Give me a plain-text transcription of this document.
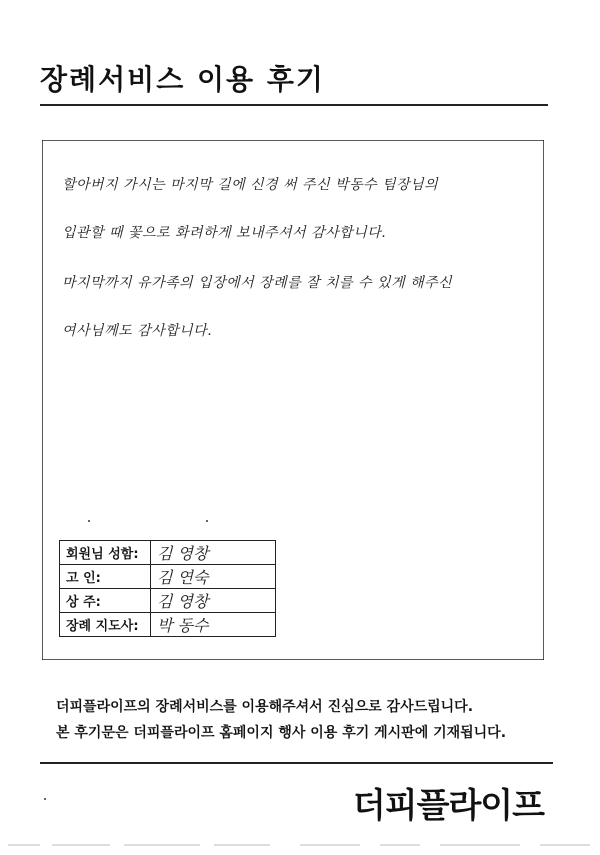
장례서비스 이용 후기
할아버지 가시는 마지막 길에 신경 써 주신 박동수 팀장님의
입관할 때 꽃으로 화려하게 보내주셔서 감사합니다.
마지막까지 유가족의 입장에서 장례를 잘 치를 수 있게 해주신
여사님께도 감사합니다.
회원님 성함:	김 영창
고 인:	김 연숙
상 주:	김 영창
장례 지도사:	박 동수
더피플라이프의 장례서비스를 이용해주셔서 진심으로 감사드립니다.
본 후기문은 더피플라이프 홈페이지 행사 이용 후기 게시판에 기재됩니다.
더피플라이프
